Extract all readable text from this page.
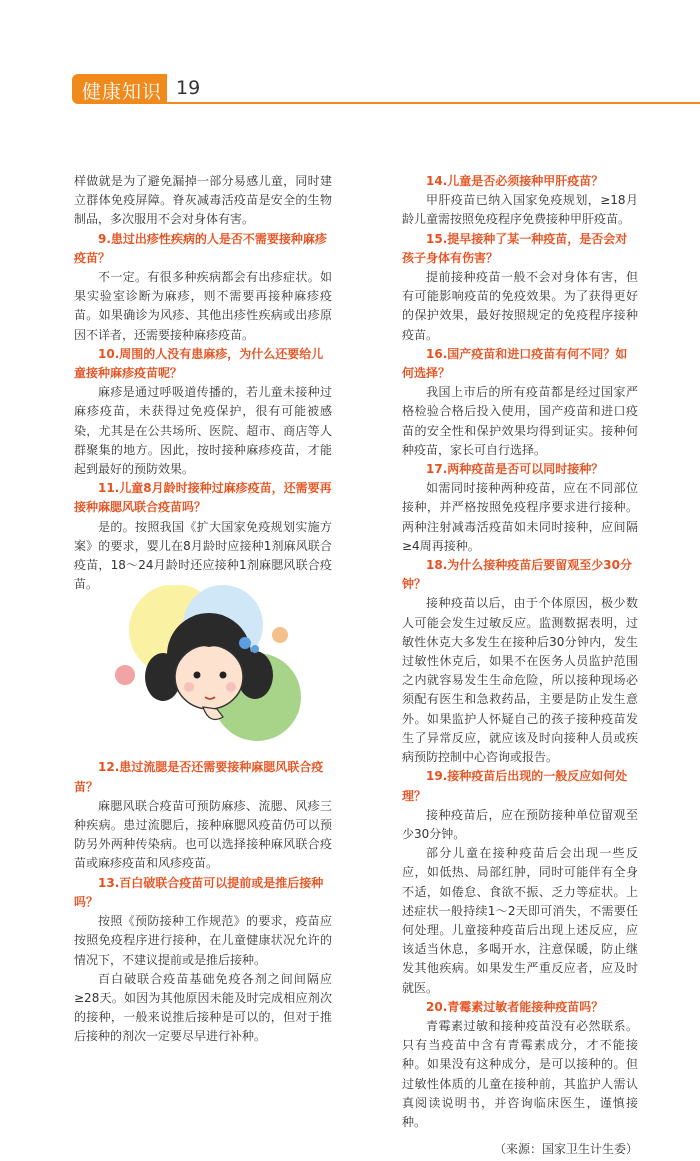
健康知识 19

样做就是为了避免漏掉一部分易感儿童，同时建立群体免疫屏障。脊灰减毒活疫苗是安全的生物制品，多次服用不会对身体有害。

9.患过出疹性疾病的人是否不需要接种麻疹疫苗？

不一定。有很多种疾病都会有出疹症状。如果实验室诊断为麻疹，则不需要再接种麻疹疫苗。如果确诊为风疹、其他出疹性疾病或出疹原因不详者，还需要接种麻疹疫苗。

10.周围的人没有患麻疹，为什么还要给儿童接种麻疹疫苗呢？

麻疹是通过呼吸道传播的，若儿童未接种过麻疹疫苗，未获得过免疫保护，很有可能被感染，尤其是在公共场所、医院、超市、商店等人群聚集的地方。因此，按时接种麻疹疫苗，才能起到最好的预防效果。

11.儿童8月龄时接种过麻疹疫苗，还需要再接种麻腮风联合疫苗吗？

是的。按照我国《扩大国家免疫规划实施方案》的要求，婴儿在8月龄时应接种1剂麻风联合疫苗，18～24月龄时还应接种1剂麻腮风联合疫苗。

12.患过流腮是否还需要接种麻腮风联合疫苗？

麻腮风联合疫苗可预防麻疹、流腮、风疹三种疾病。患过流腮后，接种麻腮风疫苗仍可以预防另外两种传染病。也可以选择接种麻风联合疫苗或麻疹疫苗和风疹疫苗。

13.百白破联合疫苗可以提前或是推后接种吗？

按照《预防接种工作规范》的要求，疫苗应按照免疫程序进行接种，在儿童健康状况允许的情况下，不建议提前或是推后接种。

百白破联合疫苗基础免疫各剂之间间隔应≥28天。如因为其他原因未能及时完成相应剂次的接种，一般来说推后接种是可以的，但对于推后接种的剂次一定要尽早进行补种。

14.儿童是否必须接种甲肝疫苗？

甲肝疫苗已纳入国家免疫规划，≥18月龄儿童需按照免疫程序免费接种甲肝疫苗。

15.提早接种了某一种疫苗，是否会对孩子身体有伤害？

提前接种疫苗一般不会对身体有害，但有可能影响疫苗的免疫效果。为了获得更好的保护效果，最好按照规定的免疫程序接种疫苗。

16.国产疫苗和进口疫苗有何不同？如何选择？

我国上市后的所有疫苗都是经过国家严格检验合格后投入使用，国产疫苗和进口疫苗的安全性和保护效果均得到证实。接种何种疫苗，家长可自行选择。

17.两种疫苗是否可以同时接种？

如需同时接种两种疫苗，应在不同部位接种，并严格按照免疫程序要求进行接种。两种注射减毒活疫苗如未同时接种，应间隔≥4周再接种。

18.为什么接种疫苗后要留观至少30分钟？

接种疫苗以后，由于个体原因，极少数人可能会发生过敏反应。监测数据表明，过敏性休克大多发生在接种后30分钟内，发生过敏性休克后，如果不在医务人员监护范围之内就容易发生生命危险，所以接种现场必须配有医生和急救药品，主要是防止发生意外。如果监护人怀疑自己的孩子接种疫苗发生了异常反应，就应该及时向接种人员或疾病预防控制中心咨询或报告。

19.接种疫苗后出现的一般反应如何处理？

接种疫苗后，应在预防接种单位留观至少30分钟。

部分儿童在接种疫苗后会出现一些反应，如低热、局部红肿，同时可能伴有全身不适，如倦怠、食欲不振、乏力等症状。上述症状一般持续1～2天即可消失，不需要任何处理。儿童接种疫苗后出现上述反应，应该适当休息，多喝开水，注意保暖，防止继发其他疾病。如果发生严重反应者，应及时就医。

20.青霉素过敏者能接种疫苗吗？

青霉素过敏和接种疫苗没有必然联系。只有当疫苗中含有青霉素成分，才不能接种。如果没有这种成分，是可以接种的。但过敏性体质的儿童在接种前，其监护人需认真阅读说明书，并咨询临床医生，谨慎接种。

（来源：国家卫生计生委）
